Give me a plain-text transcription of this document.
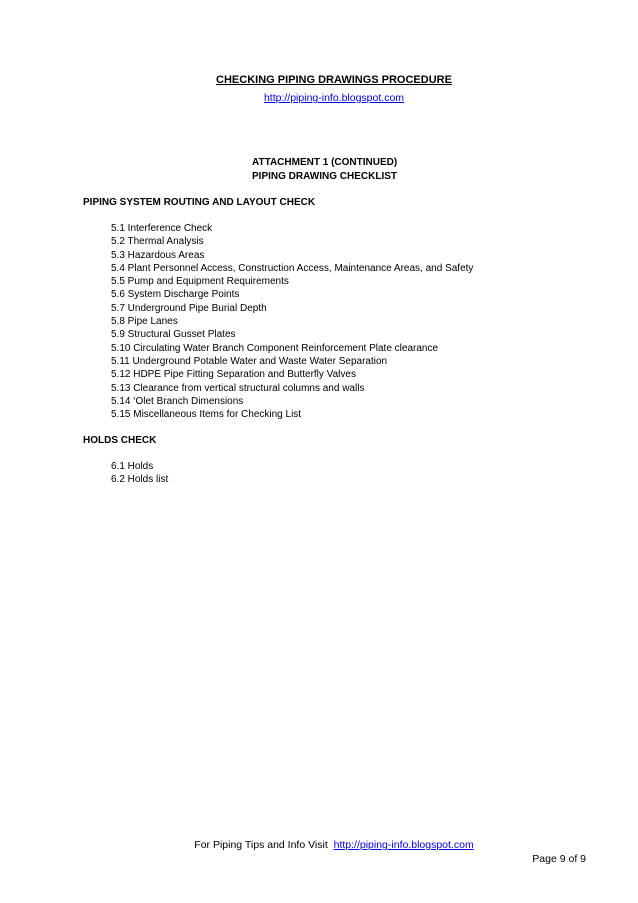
CHECKING PIPING DRAWINGS PROCEDURE
http://piping-info.blogspot.com
ATTACHMENT 1 (CONTINUED)
PIPING DRAWING CHECKLIST
PIPING SYSTEM ROUTING AND LAYOUT CHECK
5.1 Interference Check
5.2 Thermal Analysis
5.3 Hazardous Areas
5.4 Plant Personnel Access, Construction Access, Maintenance Areas, and Safety
5.5 Pump and Equipment Requirements
5.6 System Discharge Points
5.7 Underground Pipe Burial Depth
5.8 Pipe Lanes
5.9 Structural Gusset Plates
5.10 Circulating Water Branch Component Reinforcement Plate clearance
5.11 Underground Potable Water and Waste Water Separation
5.12 HDPE Pipe Fitting Separation and Butterfly Valves
5.13 Clearance from vertical structural columns and walls
5.14 ‘Olet Branch Dimensions
5.15 Miscellaneous Items for Checking List
HOLDS CHECK
6.1 Holds
6.2 Holds list
For Piping Tips and Info Visit http://piping-info.blogspot.com
Page 9 of 9
